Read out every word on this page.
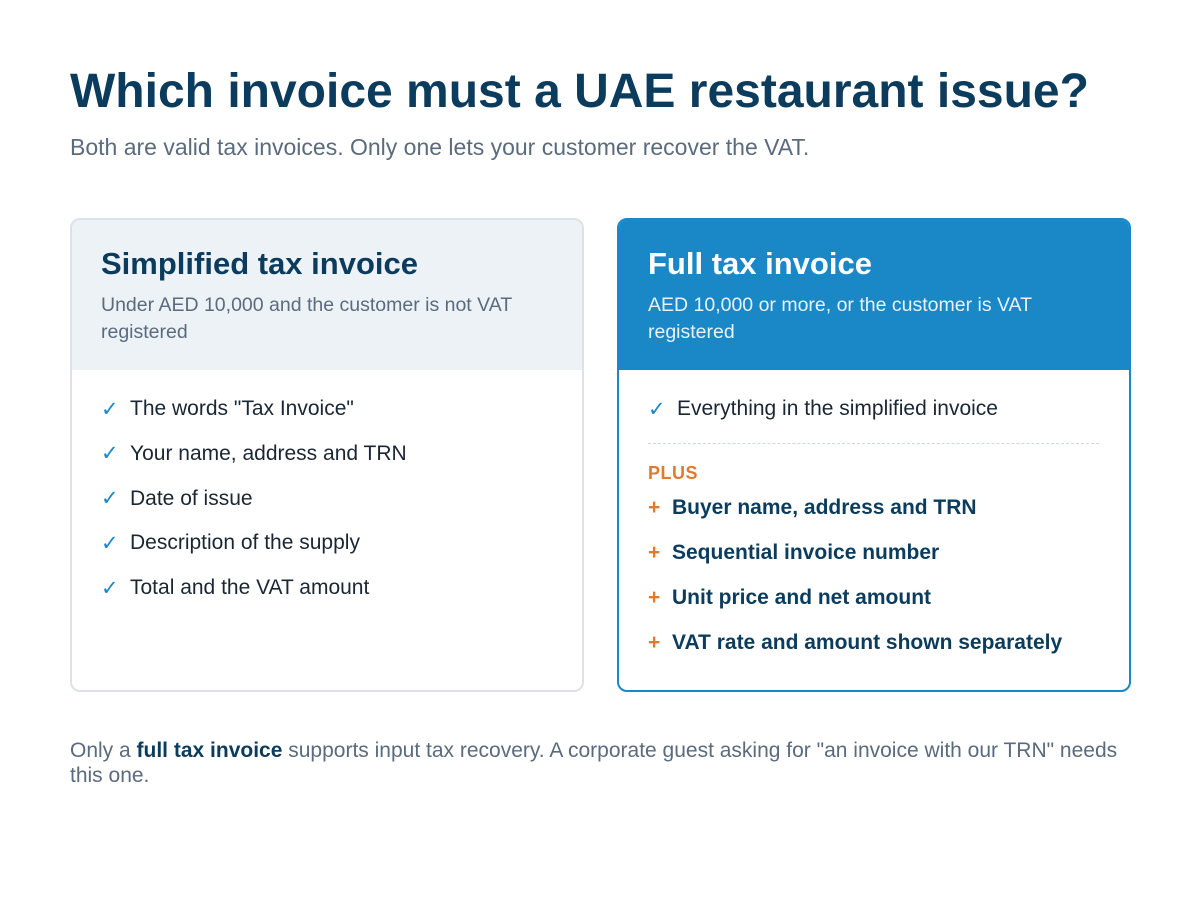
Which invoice must a UAE restaurant issue?

Both are valid tax invoices. Only one lets your customer recover the VAT.

Simplified tax invoice

Under AED 10,000 and the customer is not VAT registered

✓ The words "Tax Invoice"
✓ Your name, address and TRN
✓ Date of issue
✓ Description of the supply
✓ Total and the VAT amount
Full tax invoice

AED 10,000 or more, or the customer is VAT registered

✓ Everything in the simplified invoice
PLUS
+ Buyer name, address and TRN
+ Sequential invoice number
+ Unit price and net amount
+ VAT rate and amount shown separately

Only a full tax invoice supports input tax recovery. A corporate guest asking for "an invoice with our TRN" needs this one.
